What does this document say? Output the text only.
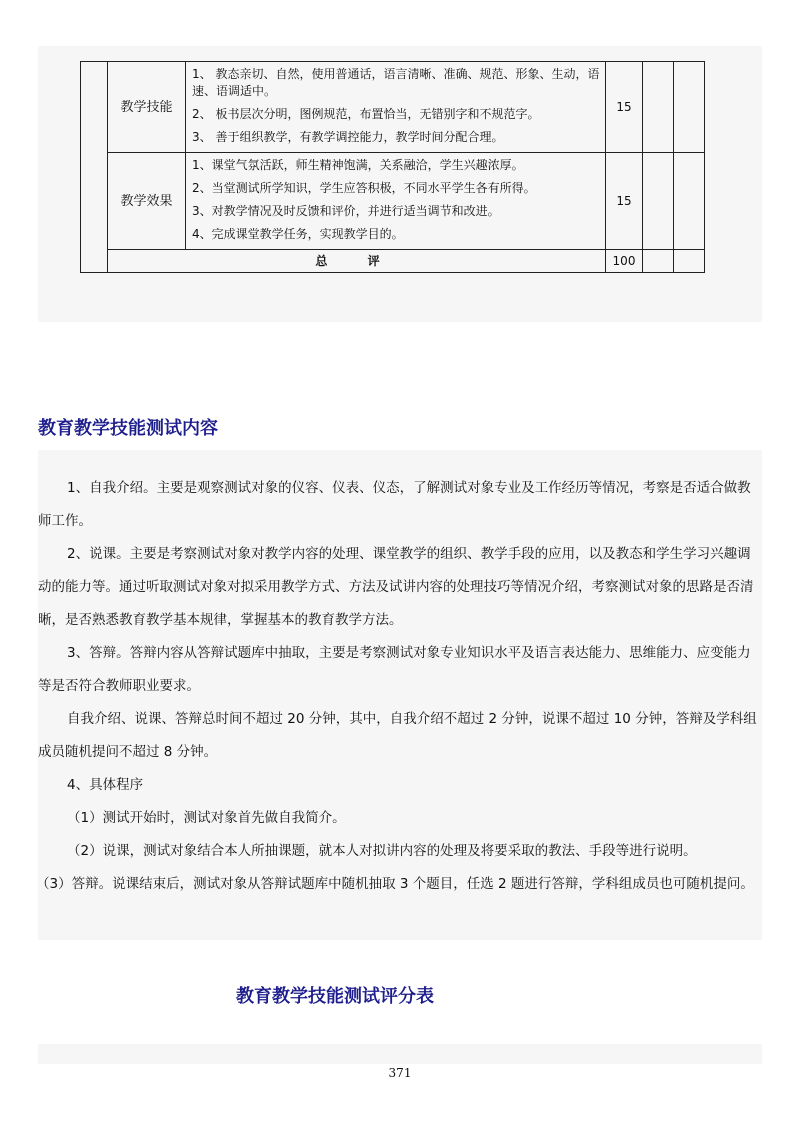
	教学技能	1、 教态亲切、自然，使用普通话，语言清晰、准确、规范、形象、生动，语速、语调适中。
2、 板书层次分明，图例规范，布置恰当，无错别字和不规范字。
3、 善于组织教学，有教学调控能力，教学时间分配合理。	15		
	教学效果	1、课堂气氛活跃，师生精神饱满，关系融洽，学生兴趣浓厚。
2、当堂测试所学知识，学生应答积极，不同水平学生各有所得。
3、对教学情况及时反馈和评价，并进行适当调节和改进。
4、完成课堂教学任务，实现教学目的。	15		
	总 评		100		
教育教学技能测试内容

1、自我介绍。主要是观察测试对象的仪容、仪表、仪态，了解测试对象专业及工作经历等情况，考察是否适合做教师工作。

2、说课。主要是考察测试对象对教学内容的处理、课堂教学的组织、教学手段的应用，以及教态和学生学习兴趣调动的能力等。通过听取测试对象对拟采用教学方式、方法及试讲内容的处理技巧等情况介绍，考察测试对象的思路是否清晰，是否熟悉教育教学基本规律，掌握基本的教育教学方法。

3、答辩。答辩内容从答辩试题库中抽取，主要是考察测试对象专业知识水平及语言表达能力、思维能力、应变能力等是否符合教师职业要求。

自我介绍、说课、答辩总时间不超过 20 分钟，其中，自我介绍不超过 2 分钟，说课不超过 10 分钟，答辩及学科组成员随机提问不超过 8 分钟。

4、具体程序

（1）测试开始时，测试对象首先做自我简介。

（2）说课，测试对象结合本人所抽课题，就本人对拟讲内容的处理及将要采取的教法、手段等进行说明。

（3）答辩。说课结束后，测试对象从答辩试题库中随机抽取 3 个题目，任选 2 题进行答辩，学科组成员也可随机提问。

教育教学技能测试评分表
371
